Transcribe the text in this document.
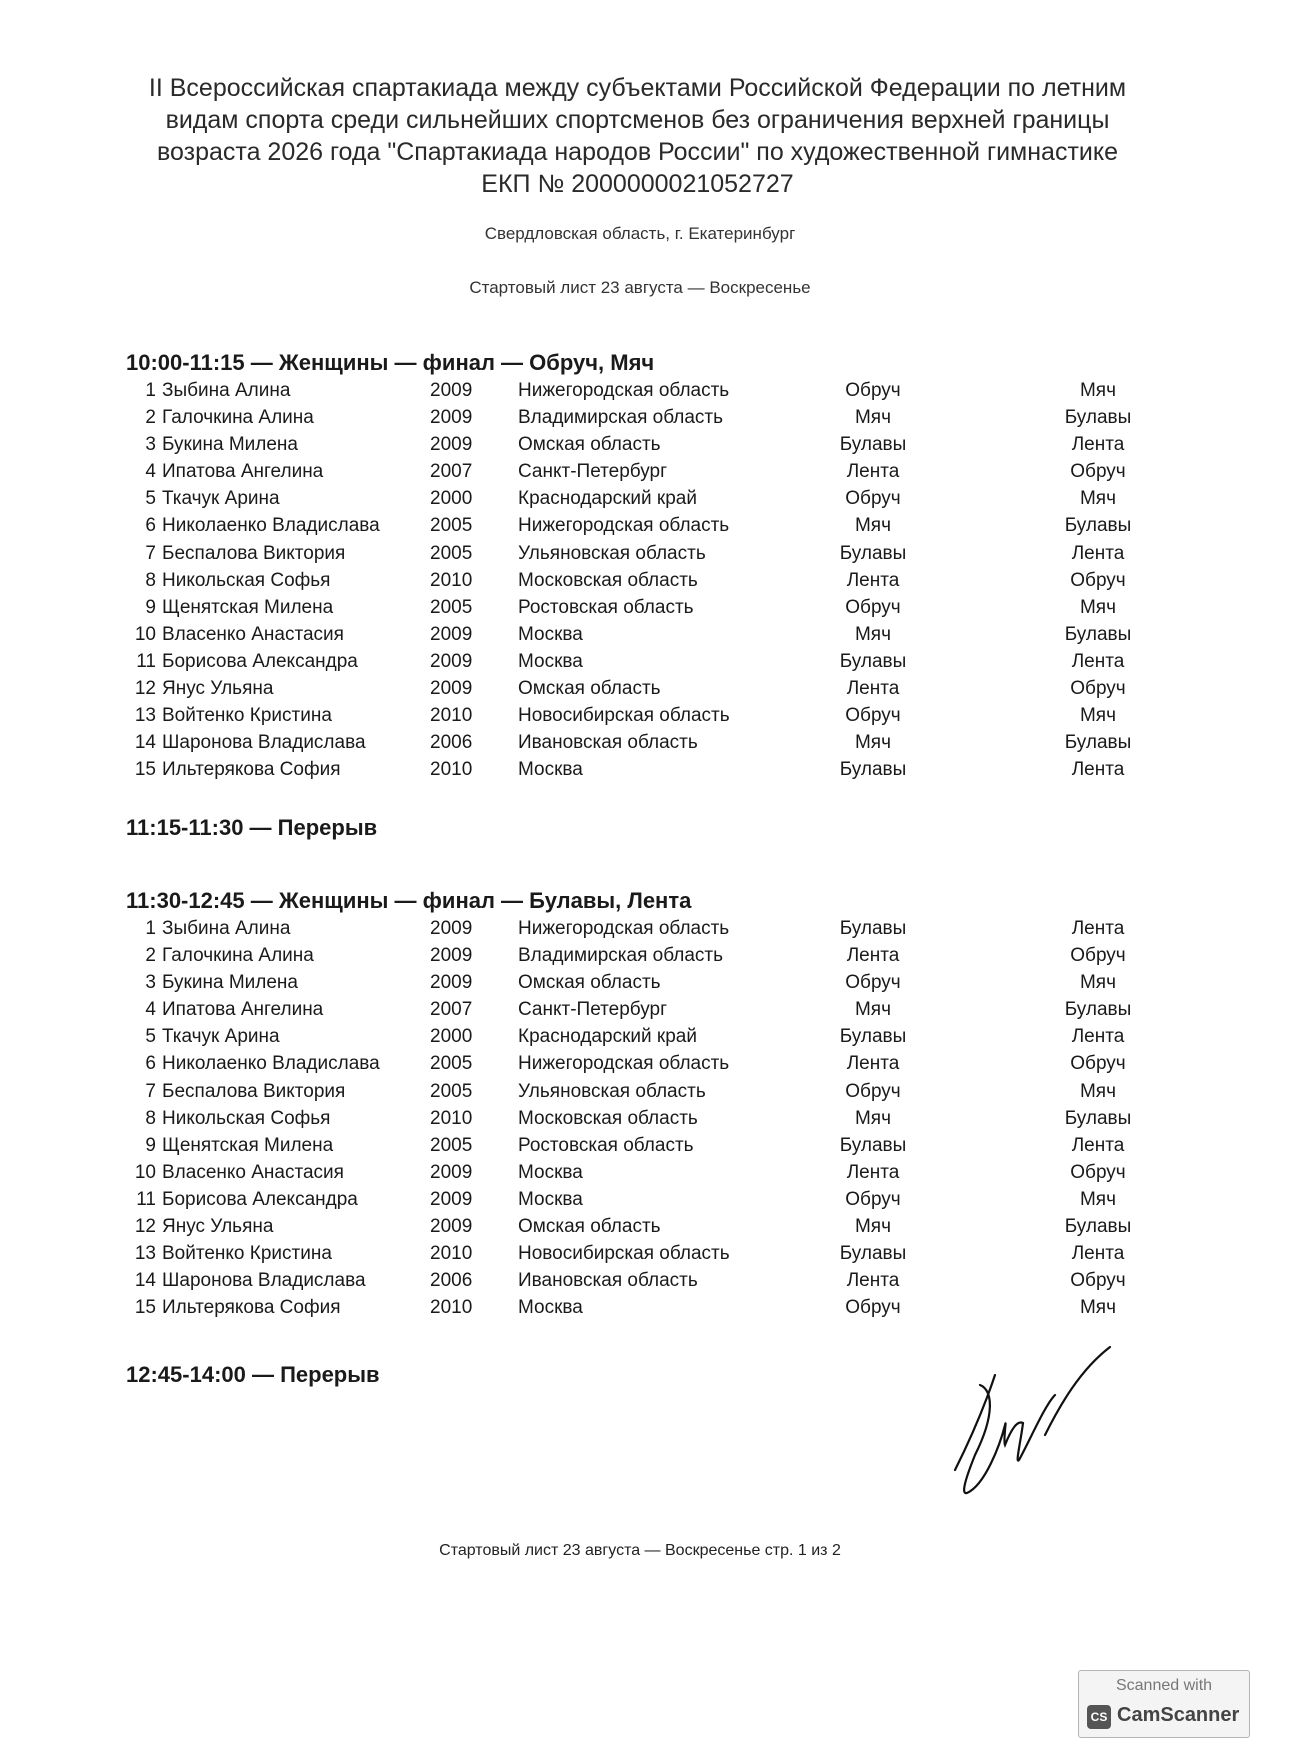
II Всероссийская спартакиада между субъектами Российской Федерации по летним
видам спорта среди сильнейших спортсменов без ограничения верхней границы
возраста 2026 года "Спартакиада народов России" по художественной гимнастике
ЕКП № 2000000021052727
Свердловская область, г. Екатеринбург
Стартовый лист 23 августа — Воскресенье
10:00-11:15 — Женщины — финал — Обруч, Мяч
1 Зыбина Алина	2009 Нижегородская область	Обруч	Мяч
2 Галочкина Алина	2009 Владимирская область	Мяч	Булавы
3 Букина Милена	2009 Омская область	Булавы	Лента
4 Ипатова Ангелина	2007 Санкт-Петербург	Лента	Обруч
5 Ткачук Арина	2000 Краснодарский край	Обруч	Мяч
6 Николаенко Владислава	2005 Нижегородская область	Мяч	Булавы
7 Беспалова Виктория	2005 Ульяновская область	Булавы	Лента
8 Никольская Софья	2010 Московская область	Лента	Обруч
9 Щенятская Милена	2005 Ростовская область	Обруч	Мяч
10 Власенко Анастасия	2009 Москва	Мяч	Булавы
11 Борисова Александра	2009 Москва	Булавы	Лента
12 Янус Ульяна	2009 Омская область	Лента	Обруч
13 Войтенко Кристина	2010 Новосибирская область	Обруч	Мяч
14 Шаронова Владислава	2006 Ивановская область	Мяч	Булавы
15 Ильтерякова София	2010 Москва	Булавы	Лента
11:15-11:30 — Перерыв
11:30-12:45 — Женщины — финал — Булавы, Лента
1 Зыбина Алина	2009 Нижегородская область	Булавы	Лента
2 Галочкина Алина	2009 Владимирская область	Лента	Обруч
3 Букина Милена	2009 Омская область	Обруч	Мяч
4 Ипатова Ангелина	2007 Санкт-Петербург	Мяч	Булавы
5 Ткачук Арина	2000 Краснодарский край	Булавы	Лента
6 Николаенко Владислава	2005 Нижегородская область	Лента	Обруч
7 Беспалова Виктория	2005 Ульяновская область	Обруч	Мяч
8 Никольская Софья	2010 Московская область	Мяч	Булавы
9 Щенятская Милена	2005 Ростовская область	Булавы	Лента
10 Власенко Анастасия	2009 Москва	Лента	Обруч
11 Борисова Александра	2009 Москва	Обруч	Мяч
12 Янус Ульяна	2009 Омская область	Мяч	Булавы
13 Войтенко Кристина	2010 Новосибирская область	Булавы	Лента
14 Шаронова Владислава	2006 Ивановская область	Лента	Обруч
15 Ильтерякова София	2010 Москва	Обруч	Мяч
12:45-14:00 — Перерыв
Стартовый лист 23 августа — Воскресенье стр. 1 из 2
Scanned with
CS CamScanner
